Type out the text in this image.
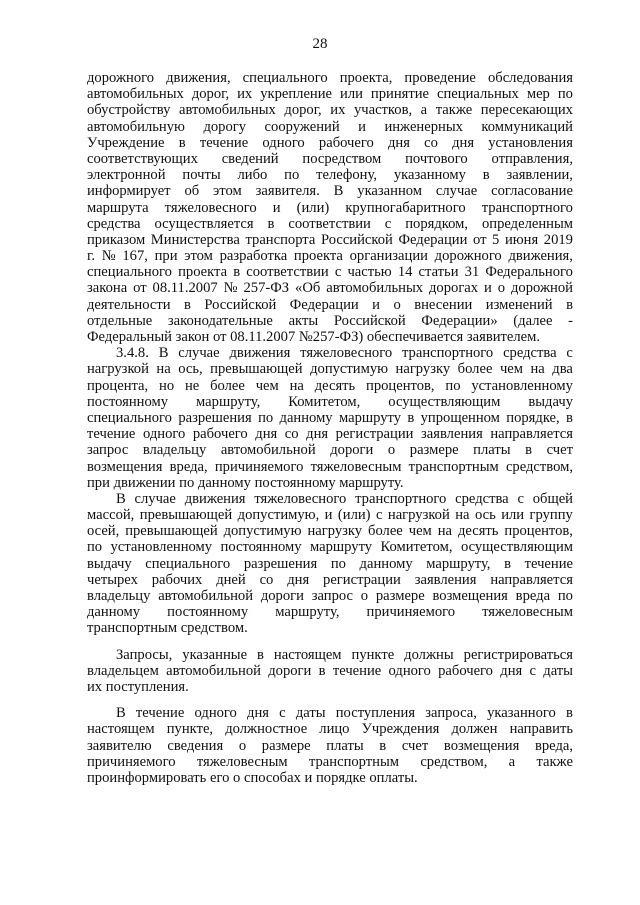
28
дорожного движения, специального проекта, проведение обследования
автомобильных дорог, их укрепление или принятие специальных мер по
обустройству автомобильных дорог, их участков, а также пересекающих
автомобильную дорогу сооружений и инженерных коммуникаций
Учреждение в течение одного рабочего дня со дня установления
соответствующих сведений посредством почтового отправления,
электронной почты либо по телефону, указанному в заявлении,
информирует об этом заявителя. В указанном случае согласование
маршрута тяжеловесного и (или) крупногабаритного транспортного
средства осуществляется в соответствии с порядком, определенным
приказом Министерства транспорта Российской Федерации от 5 июня 2019
г. № 167, при этом разработка проекта организации дорожного движения,
специального проекта в соответствии с частью 14 статьи 31 Федерального
закона от 08.11.2007 № 257-ФЗ «Об автомобильных дорогах и о дорожной
деятельности в Российской Федерации и о внесении изменений в
отдельные законодательные акты Российской Федерации» (далее -
Федеральный закон от 08.11.2007 №257-ФЗ) обеспечивается заявителем.
3.4.8. В случае движения тяжеловесного транспортного средства с
нагрузкой на ось, превышающей допустимую нагрузку более чем на два
процента, но не более чем на десять процентов, по установленному
постоянному маршруту, Комитетом, осуществляющим выдачу
специального разрешения по данному маршруту в упрощенном порядке, в
течение одного рабочего дня со дня регистрации заявления направляется
запрос владельцу автомобильной дороги о размере платы в счет
возмещения вреда, причиняемого тяжеловесным транспортным средством,
при движении по данному постоянному маршруту.
В случае движения тяжеловесного транспортного средства с общей
массой, превышающей допустимую, и (или) с нагрузкой на ось или группу
осей, превышающей допустимую нагрузку более чем на десять процентов,
по установленному постоянному маршруту Комитетом, осуществляющим
выдачу специального разрешения по данному маршруту, в течение
четырех рабочих дней со дня регистрации заявления направляется
владельцу автомобильной дороги запрос о размере возмещения вреда по
данному постоянному маршруту, причиняемого тяжеловесным
транспортным средством.
Запросы, указанные в настоящем пункте должны регистрироваться
владельцем автомобильной дороги в течение одного рабочего дня с даты
их поступления.
В течение одного дня с даты поступления запроса, указанного в
настоящем пункте, должностное лицо Учреждения должен направить
заявителю сведения о размере платы в счет возмещения вреда,
причиняемого тяжеловесным транспортным средством, а также
проинформировать его о способах и порядке оплаты.
